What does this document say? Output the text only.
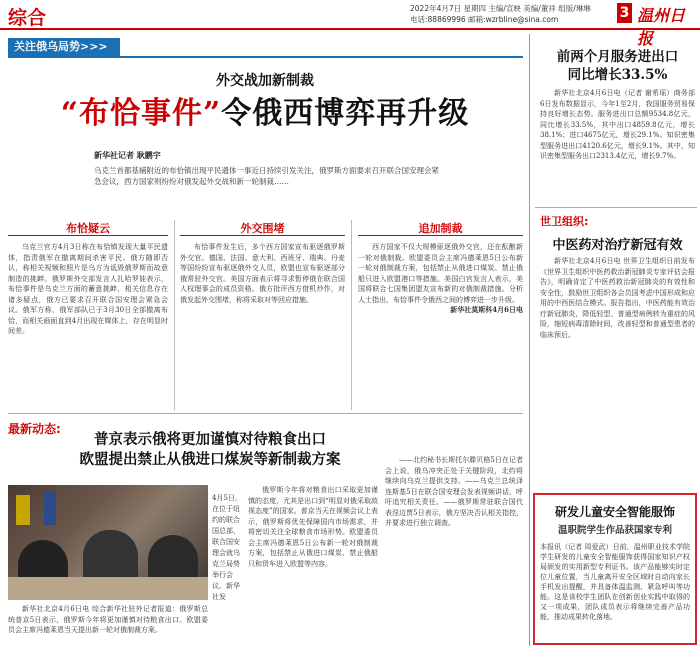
综合	2022年4月7日 星期四 主编/宣映 美编/董祥 组版/琳琳
电话:88869996 邮箱:wzrbline@sina.com	3 温州日报
关注俄乌局势>>>
外交战加新制裁
“布恰事件”令俄西博弈再升级
新华社记者 耿鹏宇
乌克兰首都基辅附近的布恰镇出现平民遗体一事近日持续引发关注，俄罗斯方面要求召开联合国安理会紧急会议，西方国家则纷纷对俄发起外交战和新一轮制裁……
布恰疑云	外交围堵	追加制裁

乌克兰官方4月3日称在布恰镇发现大量平民遗体，指责俄军在撤离期间杀害平民。俄方随即否认，称相关视频和照片是乌方为诋毁俄罗斯而故意制造的挑衅。俄罗斯外交部发言人扎哈罗娃表示，布恰事件是乌克兰方面的蓄意挑衅，相关信息存在诸多疑点，俄方已要求召开联合国安理会紧急会议。俄军方称，俄军部队已于3月30日全部撤离布恰，而相关画面直到4月出现在媒体上，存在明显时间差。

布恰事件发生后，多个西方国家宣布驱逐俄罗斯外交官。德国、法国、意大利、西班牙、瑞典、丹麦等国纷纷宣布驱逐俄外交人员，欧盟也宣布驱逐部分俄常驻外交官。美国方面表示将寻求暂停俄在联合国人权理事会的成员资格。俄方批评西方借机炒作，对俄发起外交围堵，称将采取对等回应措施。

西方国家不仅大规模驱逐俄外交官，还在酝酿新一轮对俄制裁。欧盟委员会主席冯德莱恩5日公布新一轮对俄制裁方案，包括禁止从俄进口煤炭、禁止俄船只进入欧盟港口等措施。美国白宫发言人表示，美国将联合七国集团盟友宣布新的对俄制裁措施。分析人士指出，布恰事件令俄西之间的博弈进一步升级。

新华社莫斯科4月6日电
最新动态:
普京表示俄将更加谨慎对待粮食出口
欧盟提出禁止从俄进口煤炭等新制裁方案
4月5日，在位于纽约的联合国总部，联合国安理会就乌克兰局势举行会议。新华社发

新华社北京4月6日电 综合新华社驻外记者报道：俄罗斯总统普京5日表示，俄罗斯今年将更加谨慎对待粮食出口。欧盟委员会主席冯德莱恩当天提出新一轮对俄制裁方案。

俄罗斯今年将对粮食出口采取更加谨慎的态度，尤其是出口到“明显对俄采取敌视态度”的国家。普京当天在视频会议上表示，俄罗斯将优先保障国内市场需求，并将密切关注全球粮食市场形势。欧盟委员会主席冯德莱恩5日公布新一轮对俄制裁方案，包括禁止从俄进口煤炭、禁止俄船只和货车进入欧盟等内容。

——北约秘书长斯托尔滕贝格5日在记者会上说，俄乌冲突正处于关键阶段，北约将继续向乌克兰提供支持。——乌克兰总统泽连斯基5日在联合国安理会发表视频讲话，呼吁追究相关责任。——俄罗斯常驻联合国代表涅边贾5日表示，俄方坚决否认相关指控，并要求进行独立调查。

前两个月服务进出口
同比增长33.5%

新华社北京4月6日电（记者 谢希瑶）商务部6日发布数据显示，今年1至2月，我国服务贸易保持良好增长态势。服务进出口总额9534.8亿元，同比增长33.5%，其中出口4859.8亿元，增长38.1%；进口4675亿元，增长29.1%。知识密集型服务进出口4120.6亿元，增长9.1%。其中，知识密集型服务出口2313.4亿元，增长9.7%。

世卫组织:
中医药对治疗新冠有效

新华社北京4月6日电 世界卫生组织日前发布《世界卫生组织中医药救治新冠肺炎专家评估会报告》，明确肯定了中医药救治新冠肺炎的有效性和安全性，鼓励世卫组织各会员国考虑中国形成和应用的中西医结合模式。报告指出，中医药能有效治疗新冠肺炎，降低轻型、普通型病例转为重症的风险，缩短病毒清除时间，改善轻型和普通型患者的临床预后。

研发儿童安全智能服饰
温职院学生作品获国家专利
本报讯（记者 周爱武）日前，温州职业技术学院学生研发的儿童安全智能服饰获得国家知识产权局颁发的实用新型专利证书。该产品能够实时定位儿童位置，当儿童离开安全区域时自动向家长手机发出提醒，并具备体温监测、紧急呼叫等功能。这是该校学生团队在创新创业实践中取得的又一项成果，团队成员表示将继续完善产品功能，推动成果转化落地。
